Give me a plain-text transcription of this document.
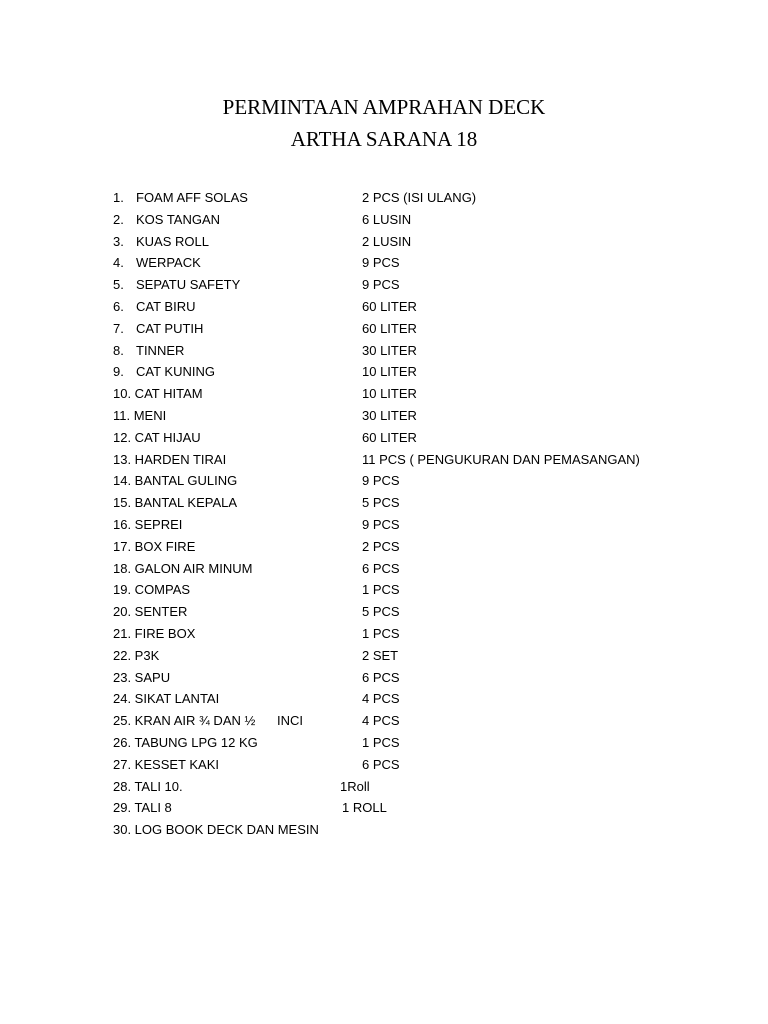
PERMINTAAN AMPRAHAN DECK
ARTHA SARANA 18
1. FOAM AFF SOLAS	2 PCS (ISI ULANG)
2. KOS TANGAN	6 LUSIN
3. KUAS ROLL	2 LUSIN
4. WERPACK	9 PCS
5. SEPATU SAFETY	9 PCS
6. CAT BIRU	60 LITER
7. CAT PUTIH	60 LITER
8. TINNER	30 LITER
9. CAT KUNING	10 LITER
10. CAT HITAM	10 LITER
11. MENI	30 LITER
12. CAT HIJAU	60 LITER
13. HARDEN TIRAI	11 PCS ( PENGUKURAN DAN PEMASANGAN)
14. BANTAL GULING	9 PCS
15. BANTAL KEPALA	5 PCS
16. SEPREI	9 PCS
17. BOX FIRE	2 PCS
18. GALON AIR MINUM	6 PCS
19. COMPAS	1 PCS
20. SENTER	5 PCS
21. FIRE BOX	1 PCS
22. P3K	2 SET
23. SAPU	6 PCS
24. SIKAT LANTAI	4 PCS
25. KRAN AIR ¾ DAN ½      INCI	4 PCS
26. TABUNG LPG 12 KG	1 PCS
27. KESSET KAKI	6 PCS
28. TALI 10.	1Roll
29. TALI 8	1 ROLL
30. LOG BOOK DECK DAN MESIN
